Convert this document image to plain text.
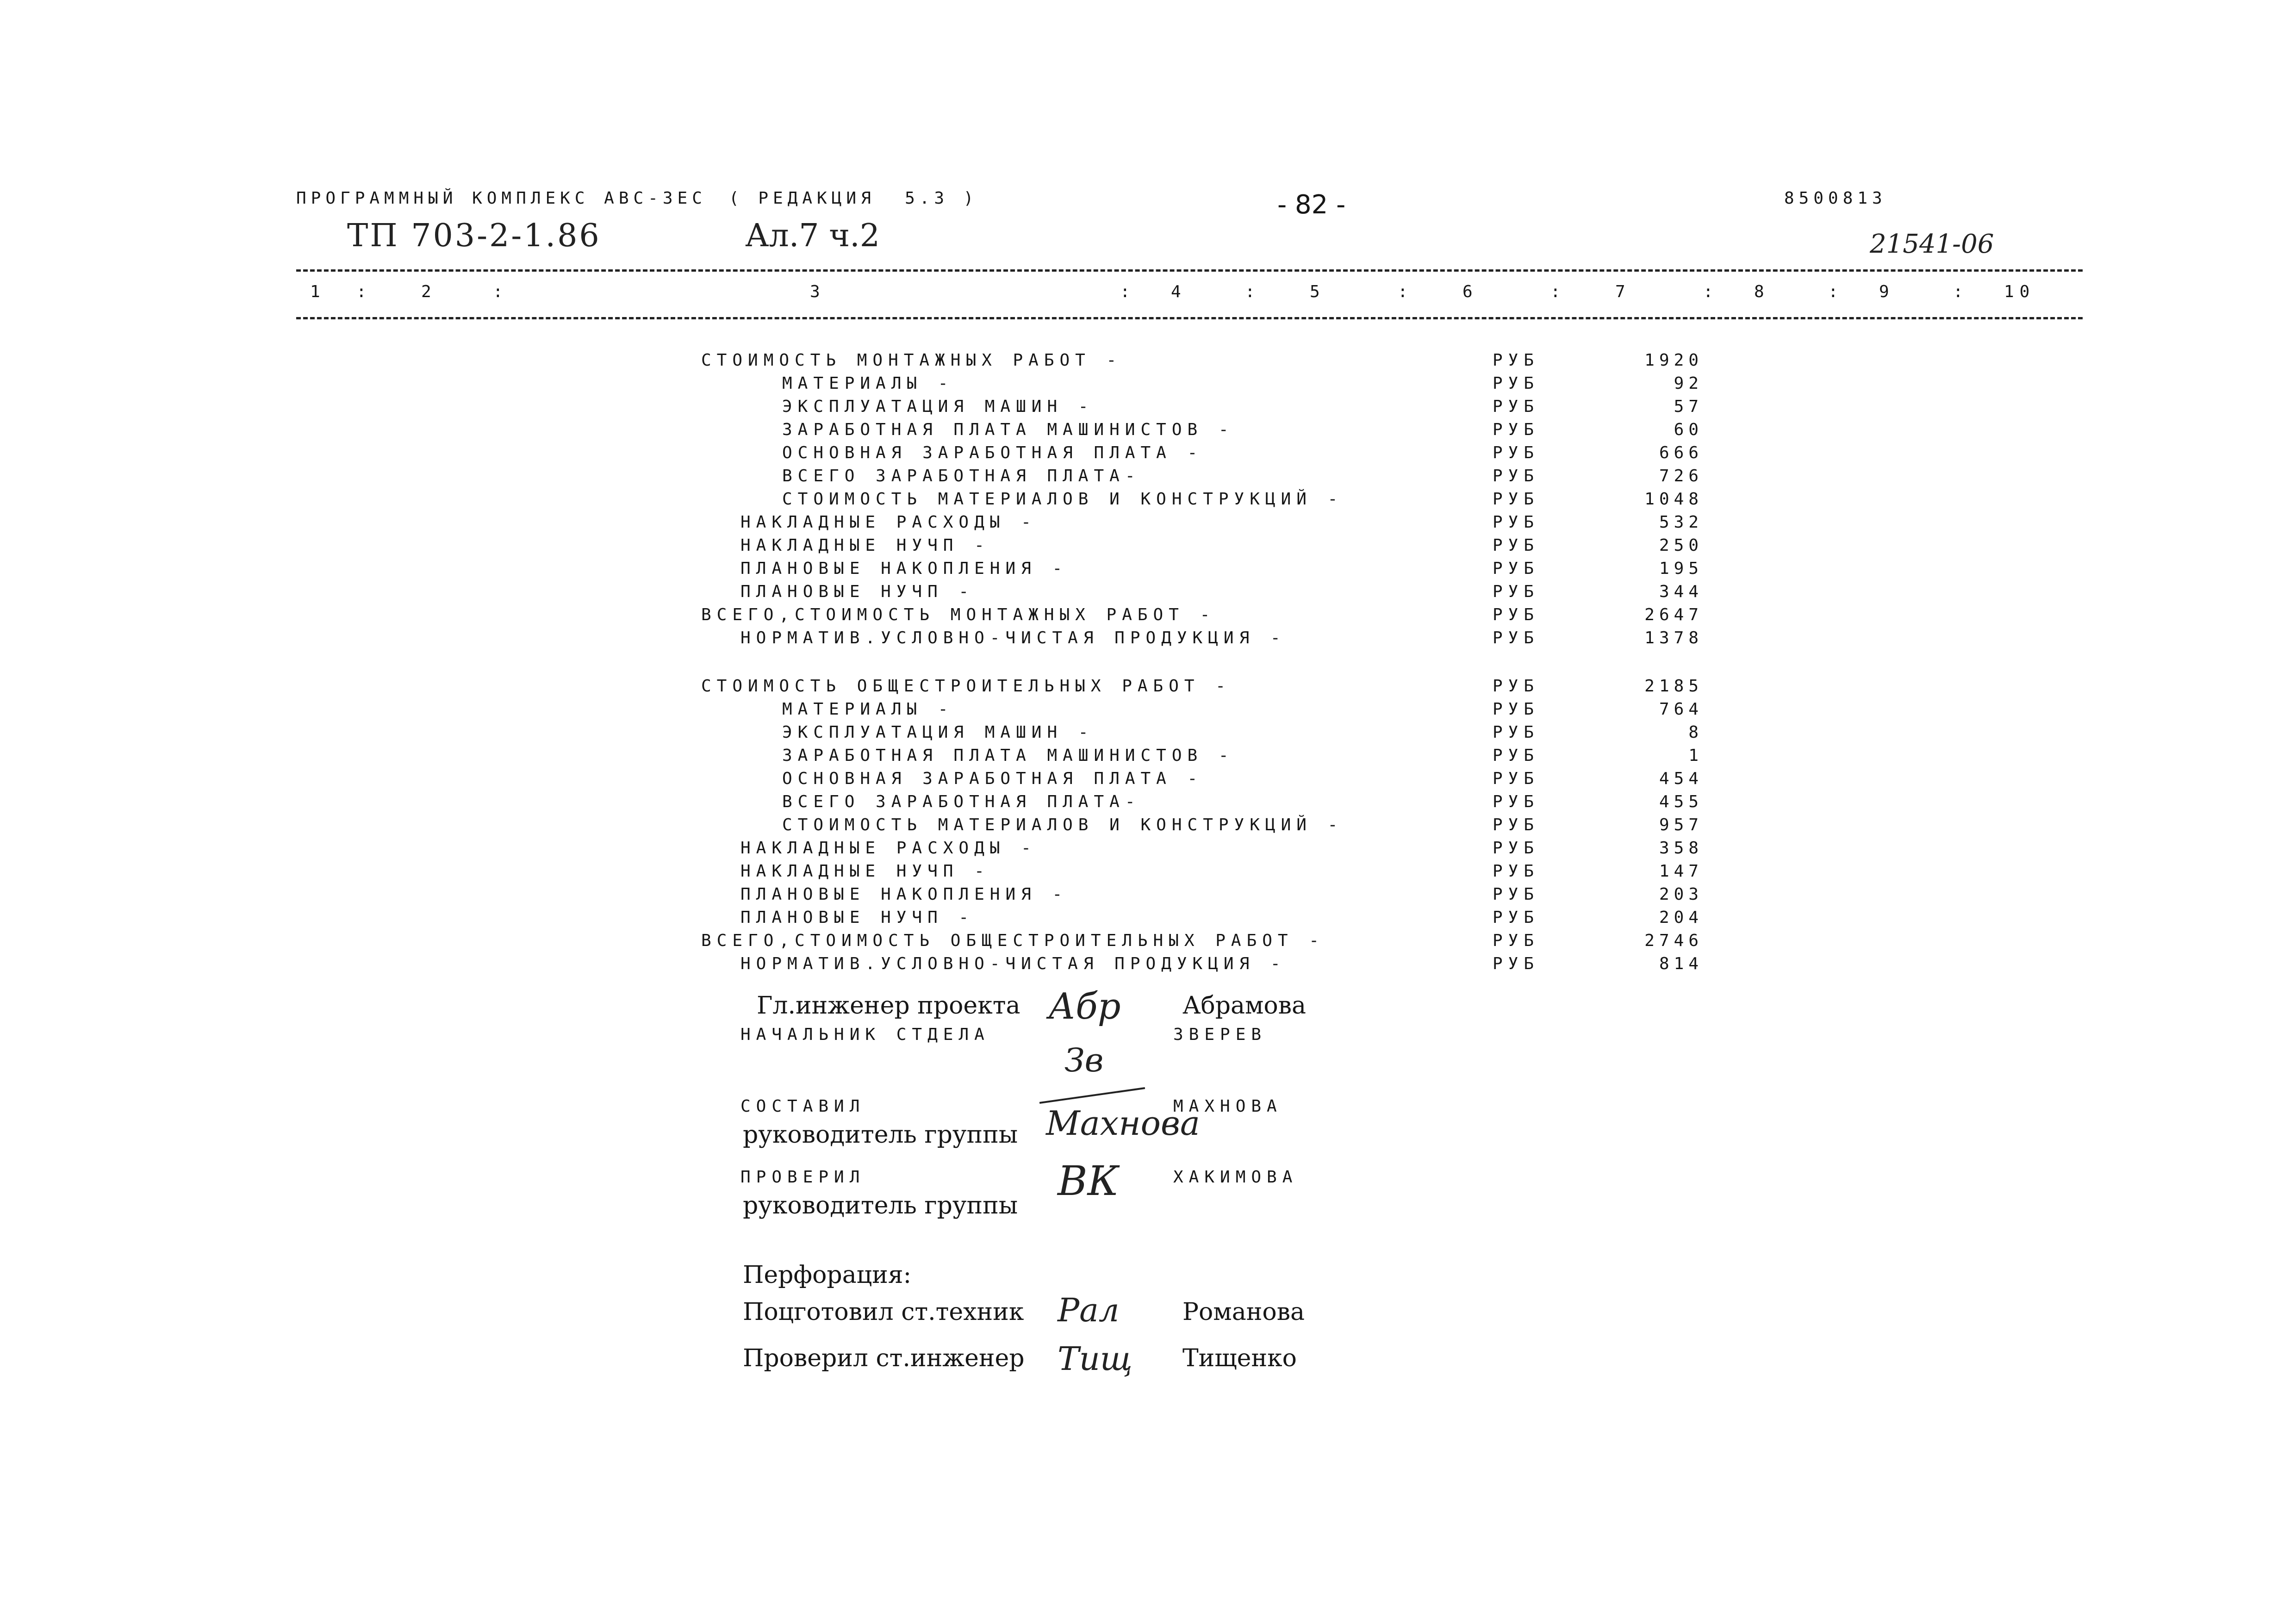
ПРОГРАММНЫЙ КОМПЛЕКС АВС-3ЕС ( РЕДАКЦИЯ  5.3 )	- 82 -	8500813
ТП 703-2-1.86	Ал.7 ч.2	21541-06
1 :	2	:	3	: 4	:	5	:	6	:	7	: 8	: 9	: 10
СТОИМОСТЬ МОНТАЖНЫХ РАБОТ -	РУБ	1920
МАТЕРИАЛЫ -	РУБ	92
ЭКСПЛУАТАЦИЯ МАШИН -	РУБ	57
ЗАРАБОТНАЯ ПЛАТА МАШИНИСТОВ -	РУБ	60
ОСНОВНАЯ ЗАРАБОТНАЯ ПЛАТА -	РУБ	666
ВСЕГО ЗАРАБОТНАЯ ПЛАТА-	РУБ	726
СТОИМОСТЬ МАТЕРИАЛОВ И КОНСТРУКЦИЙ -	РУБ	1048
НАКЛАДНЫЕ РАСХОДЫ -	РУБ	532
НАКЛАДНЫЕ НУЧП -	РУБ	250
ПЛАНОВЫЕ НАКОПЛЕНИЯ -	РУБ	195
ПЛАНОВЫЕ НУЧП -	РУБ	344
ВСЕГО,СТОИМОСТЬ МОНТАЖНЫХ РАБОТ -	РУБ	2647
НОРМАТИВ.УСЛОВНО-ЧИСТАЯ ПРОДУКЦИЯ -	РУБ	1378
СТОИМОСТЬ ОБЩЕСТРОИТЕЛЬНЫХ РАБОТ -	РУБ	2185
МАТЕРИАЛЫ -	РУБ	764
ЭКСПЛУАТАЦИЯ МАШИН -	РУБ	8
ЗАРАБОТНАЯ ПЛАТА МАШИНИСТОВ -	РУБ	1
ОСНОВНАЯ ЗАРАБОТНАЯ ПЛАТА -	РУБ	454
ВСЕГО ЗАРАБОТНАЯ ПЛАТА-	РУБ	455
СТОИМОСТЬ МАТЕРИАЛОВ И КОНСТРУКЦИЙ -	РУБ	957
НАКЛАДНЫЕ РАСХОДЫ -	РУБ	358
НАКЛАДНЫЕ НУЧП -	РУБ	147
ПЛАНОВЫЕ НАКОПЛЕНИЯ -	РУБ	203
ПЛАНОВЫЕ НУЧП -	РУБ	204
ВСЕГО,СТОИМОСТЬ ОБЩЕСТРОИТЕЛЬНЫХ РАБОТ -	РУБ	2746
НОРМАТИВ.УСЛОВНО-ЧИСТАЯ ПРОДУКЦИЯ -	РУБ	814
Гл.инженер проекта Абр	Абрамова
НАЧАЛЬНИК СТДЕЛА	ЗВЕРЕВ
Зв
СОСТАВИЛ	Махнова
МАХНОВА
руководитель группы
ПРОВЕРИЛ	ВК	ХАКИМОВА
руководитель группы
Перфорация:
Поцготовил ст.техник Рал	Романова
Проверил ст.инженер Тищ Тищенко
